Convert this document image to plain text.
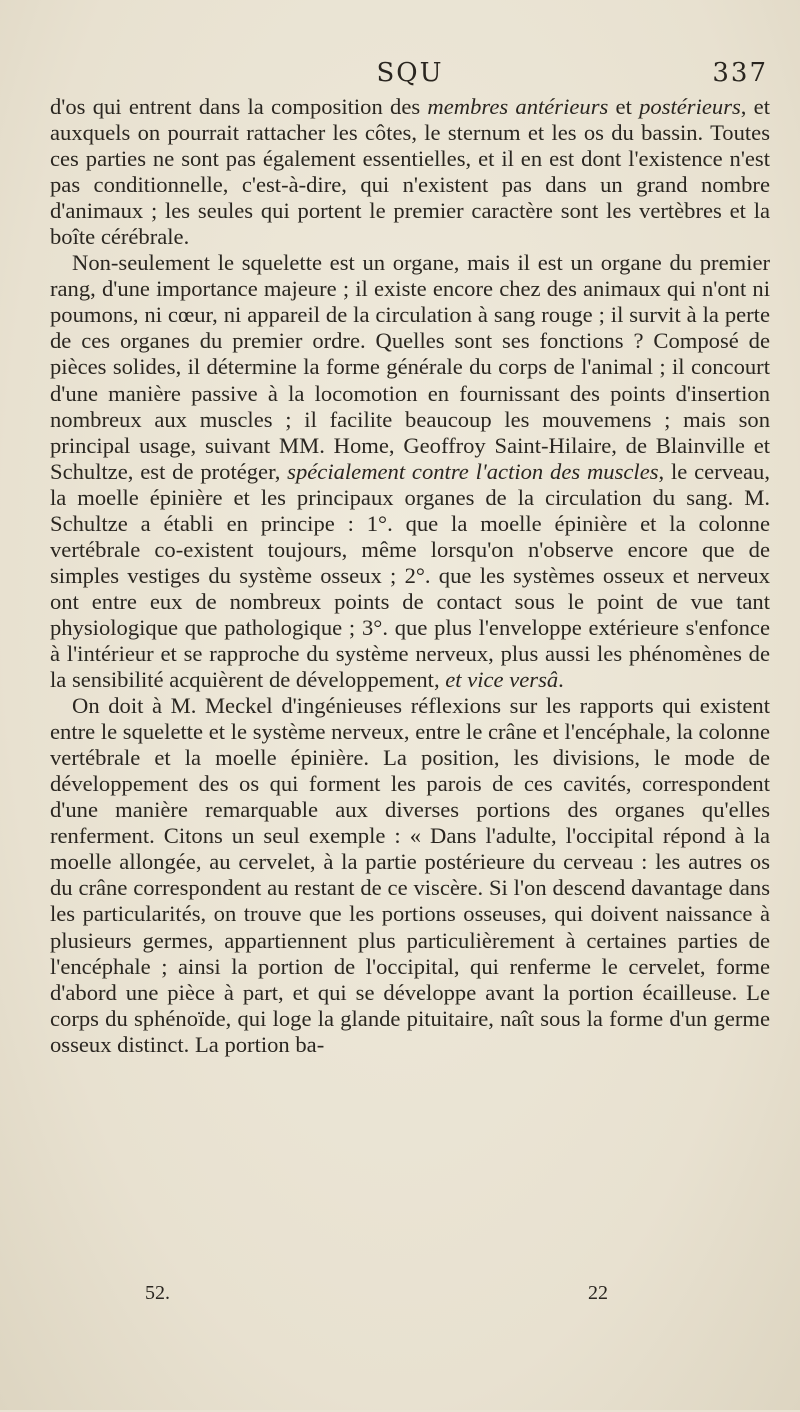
SQU	337

d'os qui entrent dans la composition des membres antérieurs et postérieurs, et auxquels on pourrait rattacher les côtes, le sternum et les os du bassin. Toutes ces parties ne sont pas également essentielles, et il en est dont l'existence n'est pas conditionnelle, c'est-à-dire, qui n'existent pas dans un grand nombre d'animaux ; les seules qui portent le premier caractère sont les vertèbres et la boîte cérébrale.

Non-seulement le squelette est un organe, mais il est un organe du premier rang, d'une importance majeure ; il existe encore chez des animaux qui n'ont ni poumons, ni cœur, ni appareil de la circulation à sang rouge ; il survit à la perte de ces organes du premier ordre. Quelles sont ses fonctions ? Composé de pièces solides, il détermine la forme générale du corps de l'animal ; il concourt d'une manière passive à la locomotion en fournissant des points d'insertion nombreux aux muscles ; il facilite beaucoup les mouvemens ; mais son principal usage, suivant MM. Home, Geoffroy Saint-Hilaire, de Blainville et Schultze, est de protéger, spécialement contre l'action des muscles, le cerveau, la moelle épinière et les principaux organes de la circulation du sang. M. Schultze a établi en principe : 1°. que la moelle épinière et la colonne vertébrale co-existent toujours, même lorsqu'on n'observe encore que de simples vestiges du système osseux ; 2°. que les systèmes osseux et nerveux ont entre eux de nombreux points de contact sous le point de vue tant physiologique que pathologique ; 3°. que plus l'enveloppe extérieure s'enfonce à l'intérieur et se rapproche du système nerveux, plus aussi les phénomènes de la sensibilité acquièrent de développement, et vice versâ.

On doit à M. Meckel d'ingénieuses réflexions sur les rapports qui existent entre le squelette et le système nerveux, entre le crâne et l'encéphale, la colonne vertébrale et la moelle épinière. La position, les divisions, le mode de développement des os qui forment les parois de ces cavités, correspondent d'une manière remarquable aux diverses portions des organes qu'elles renferment. Citons un seul exemple : « Dans l'adulte, l'occipital répond à la moelle allongée, au cervelet, à la partie postérieure du cerveau : les autres os du crâne correspondent au restant de ce viscère. Si l'on descend davantage dans les particularités, on trouve que les portions osseuses, qui doivent naissance à plusieurs germes, appartiennent plus particulièrement à certaines parties de l'encéphale ; ainsi la portion de l'occipital, qui renferme le cervelet, forme d'abord une pièce à part, et qui se développe avant la portion écailleuse. Le corps du sphénoïde, qui loge la glande pituitaire, naît sous la forme d'un germe osseux distinct. La portion ba-

52.	22
